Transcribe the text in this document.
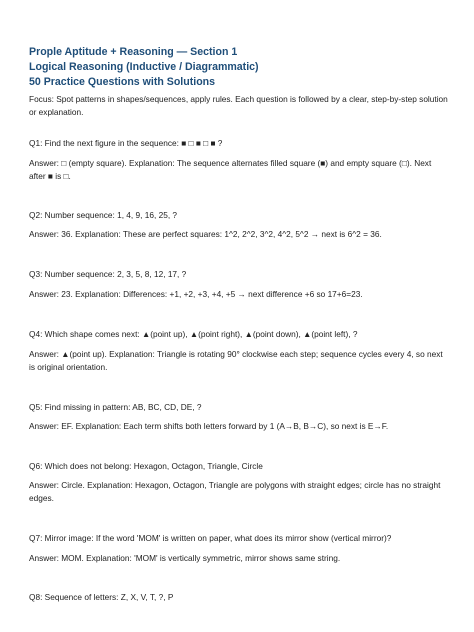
Prople Aptitude + Reasoning — Section 1
Logical Reasoning (Inductive / Diagrammatic)
50 Practice Questions with Solutions
Focus: Spot patterns in shapes/sequences, apply rules. Each question is followed by a clear, step-by-step solution or explanation.
Q1: Find the next figure in the sequence: ■ □ ■ □ ■ ?
Answer: □ (empty square). Explanation: The sequence alternates filled square (■) and empty square (□). Next after ■ is □.
Q2: Number sequence: 1, 4, 9, 16, 25, ?
Answer: 36. Explanation: These are perfect squares: 1^2, 2^2, 3^2, 4^2, 5^2 → next is 6^2 = 36.
Q3: Number sequence: 2, 3, 5, 8, 12, 17, ?
Answer: 23. Explanation: Differences: +1, +2, +3, +4, +5 → next difference +6 so 17+6=23.
Q4: Which shape comes next: ▲(point up), ▲(point right), ▲(point down), ▲(point left), ?
Answer: ▲(point up). Explanation: Triangle is rotating 90° clockwise each step; sequence cycles every 4, so next is original orientation.
Q5: Find missing in pattern: AB, BC, CD, DE, ?
Answer: EF. Explanation: Each term shifts both letters forward by 1 (A→B, B→C), so next is E→F.
Q6: Which does not belong: Hexagon, Octagon, Triangle, Circle
Answer: Circle. Explanation: Hexagon, Octagon, Triangle are polygons with straight edges; circle has no straight edges.
Q7: Mirror image: If the word 'MOM' is written on paper, what does its mirror show (vertical mirror)?
Answer: MOM. Explanation: 'MOM' is vertically symmetric, mirror shows same string.
Q8: Sequence of letters: Z, X, V, T, ?, P
